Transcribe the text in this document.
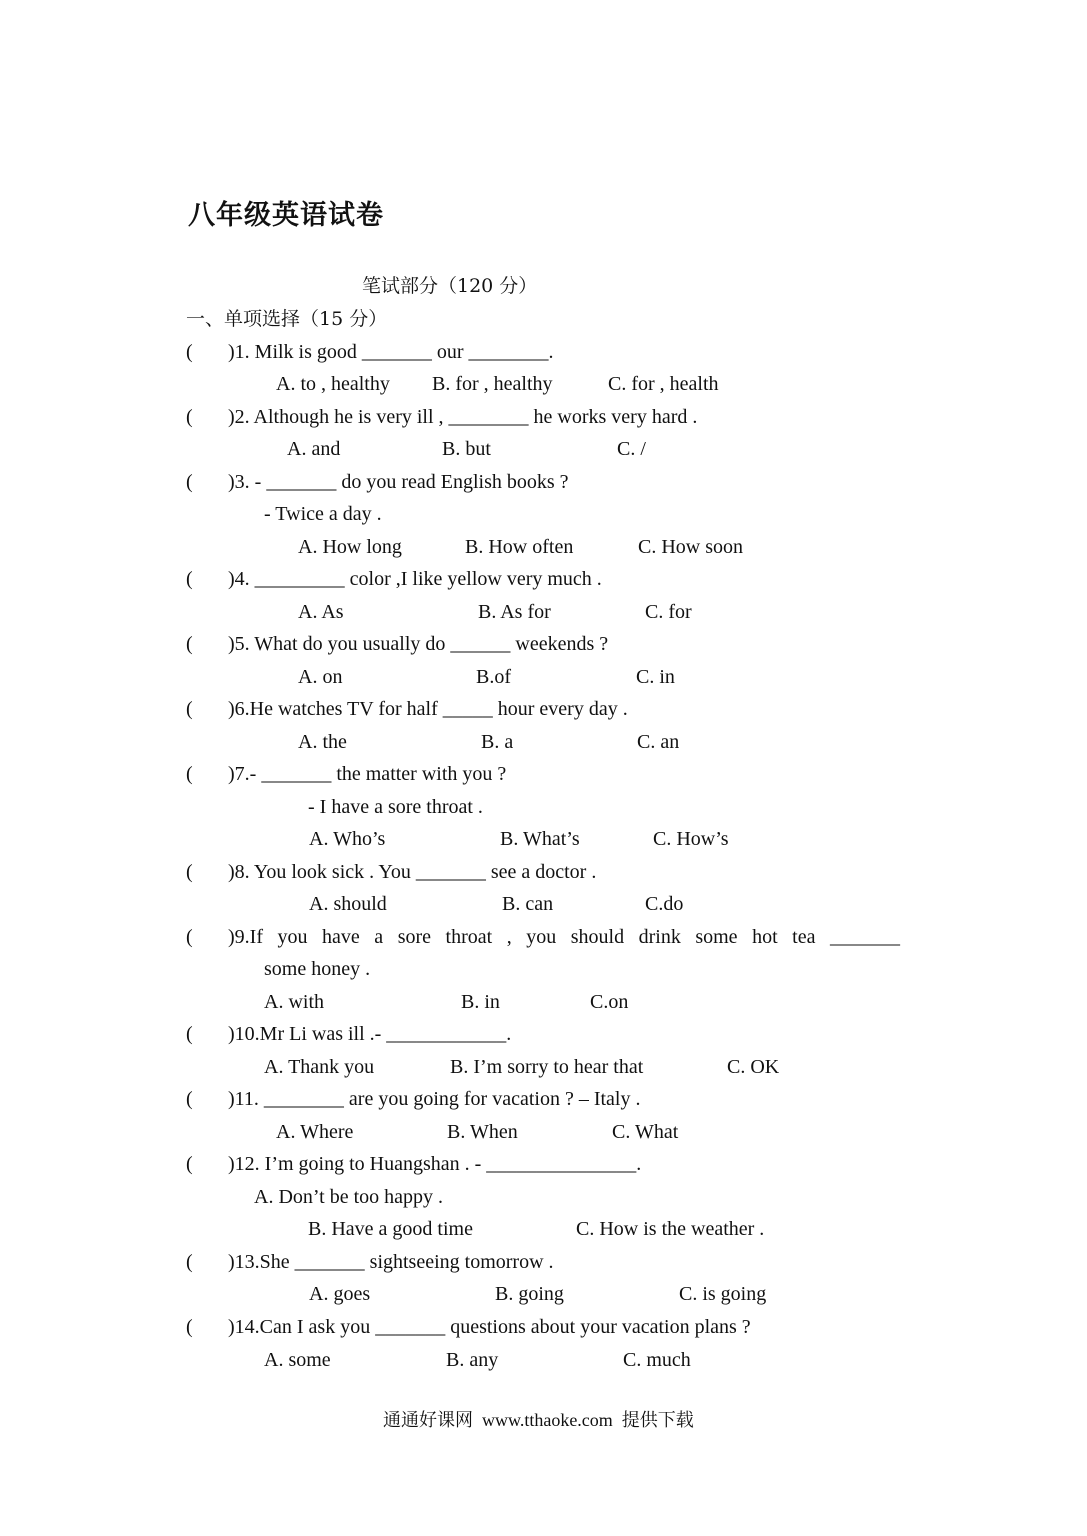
八年级英语试卷
笔试部分（120 分）
一、单项选择（15 分）
( )1. Milk is good _______ our ________.
A. to , healthy B. for , healthy	C. for , health
( )2. Although he is very ill , ________ he works very hard .
A. and	B. but	C. /
( )3. - _______ do you read English books ?
- Twice a day .
A. How long	B. How often	C. How soon
( )4. _________ color ,I like yellow very much .
A. As	B. As for	C. for
( )5. What do you usually do ______ weekends ?
A. on	B.of	C. in
( )6.He watches TV for half _____ hour every day .
A. the	B. a	C. an
( )7.- _______ the matter with you ?
- I have a sore throat .
A. Who’s	B. What’s	C. How’s
( )8. You look sick . You _______ see a doctor .
A. should	B. can	C.do
( )9.If you have a sore throat , you should drink some hot tea _______
some honey .
A. with	B. in	C.on
( )10.Mr Li was ill .- ____________.
A. Thank you	B. I’m sorry to hear that	C. OK
( )11. ________ are you going for vacation ? – Italy .
A. Where	B. When	C. What
( )12. I’m going to Huangshan . - _______________.
A. Don’t be too happy .
B. Have a good time	C. How is the weather .
( )13.She _______ sightseeing tomorrow .
A. goes	B. going	C. is going
( )14.Can I ask you _______ questions about your vacation plans ?
A. some	B. any	C. much
通通好课网  www.tthaoke.com  提供下载
